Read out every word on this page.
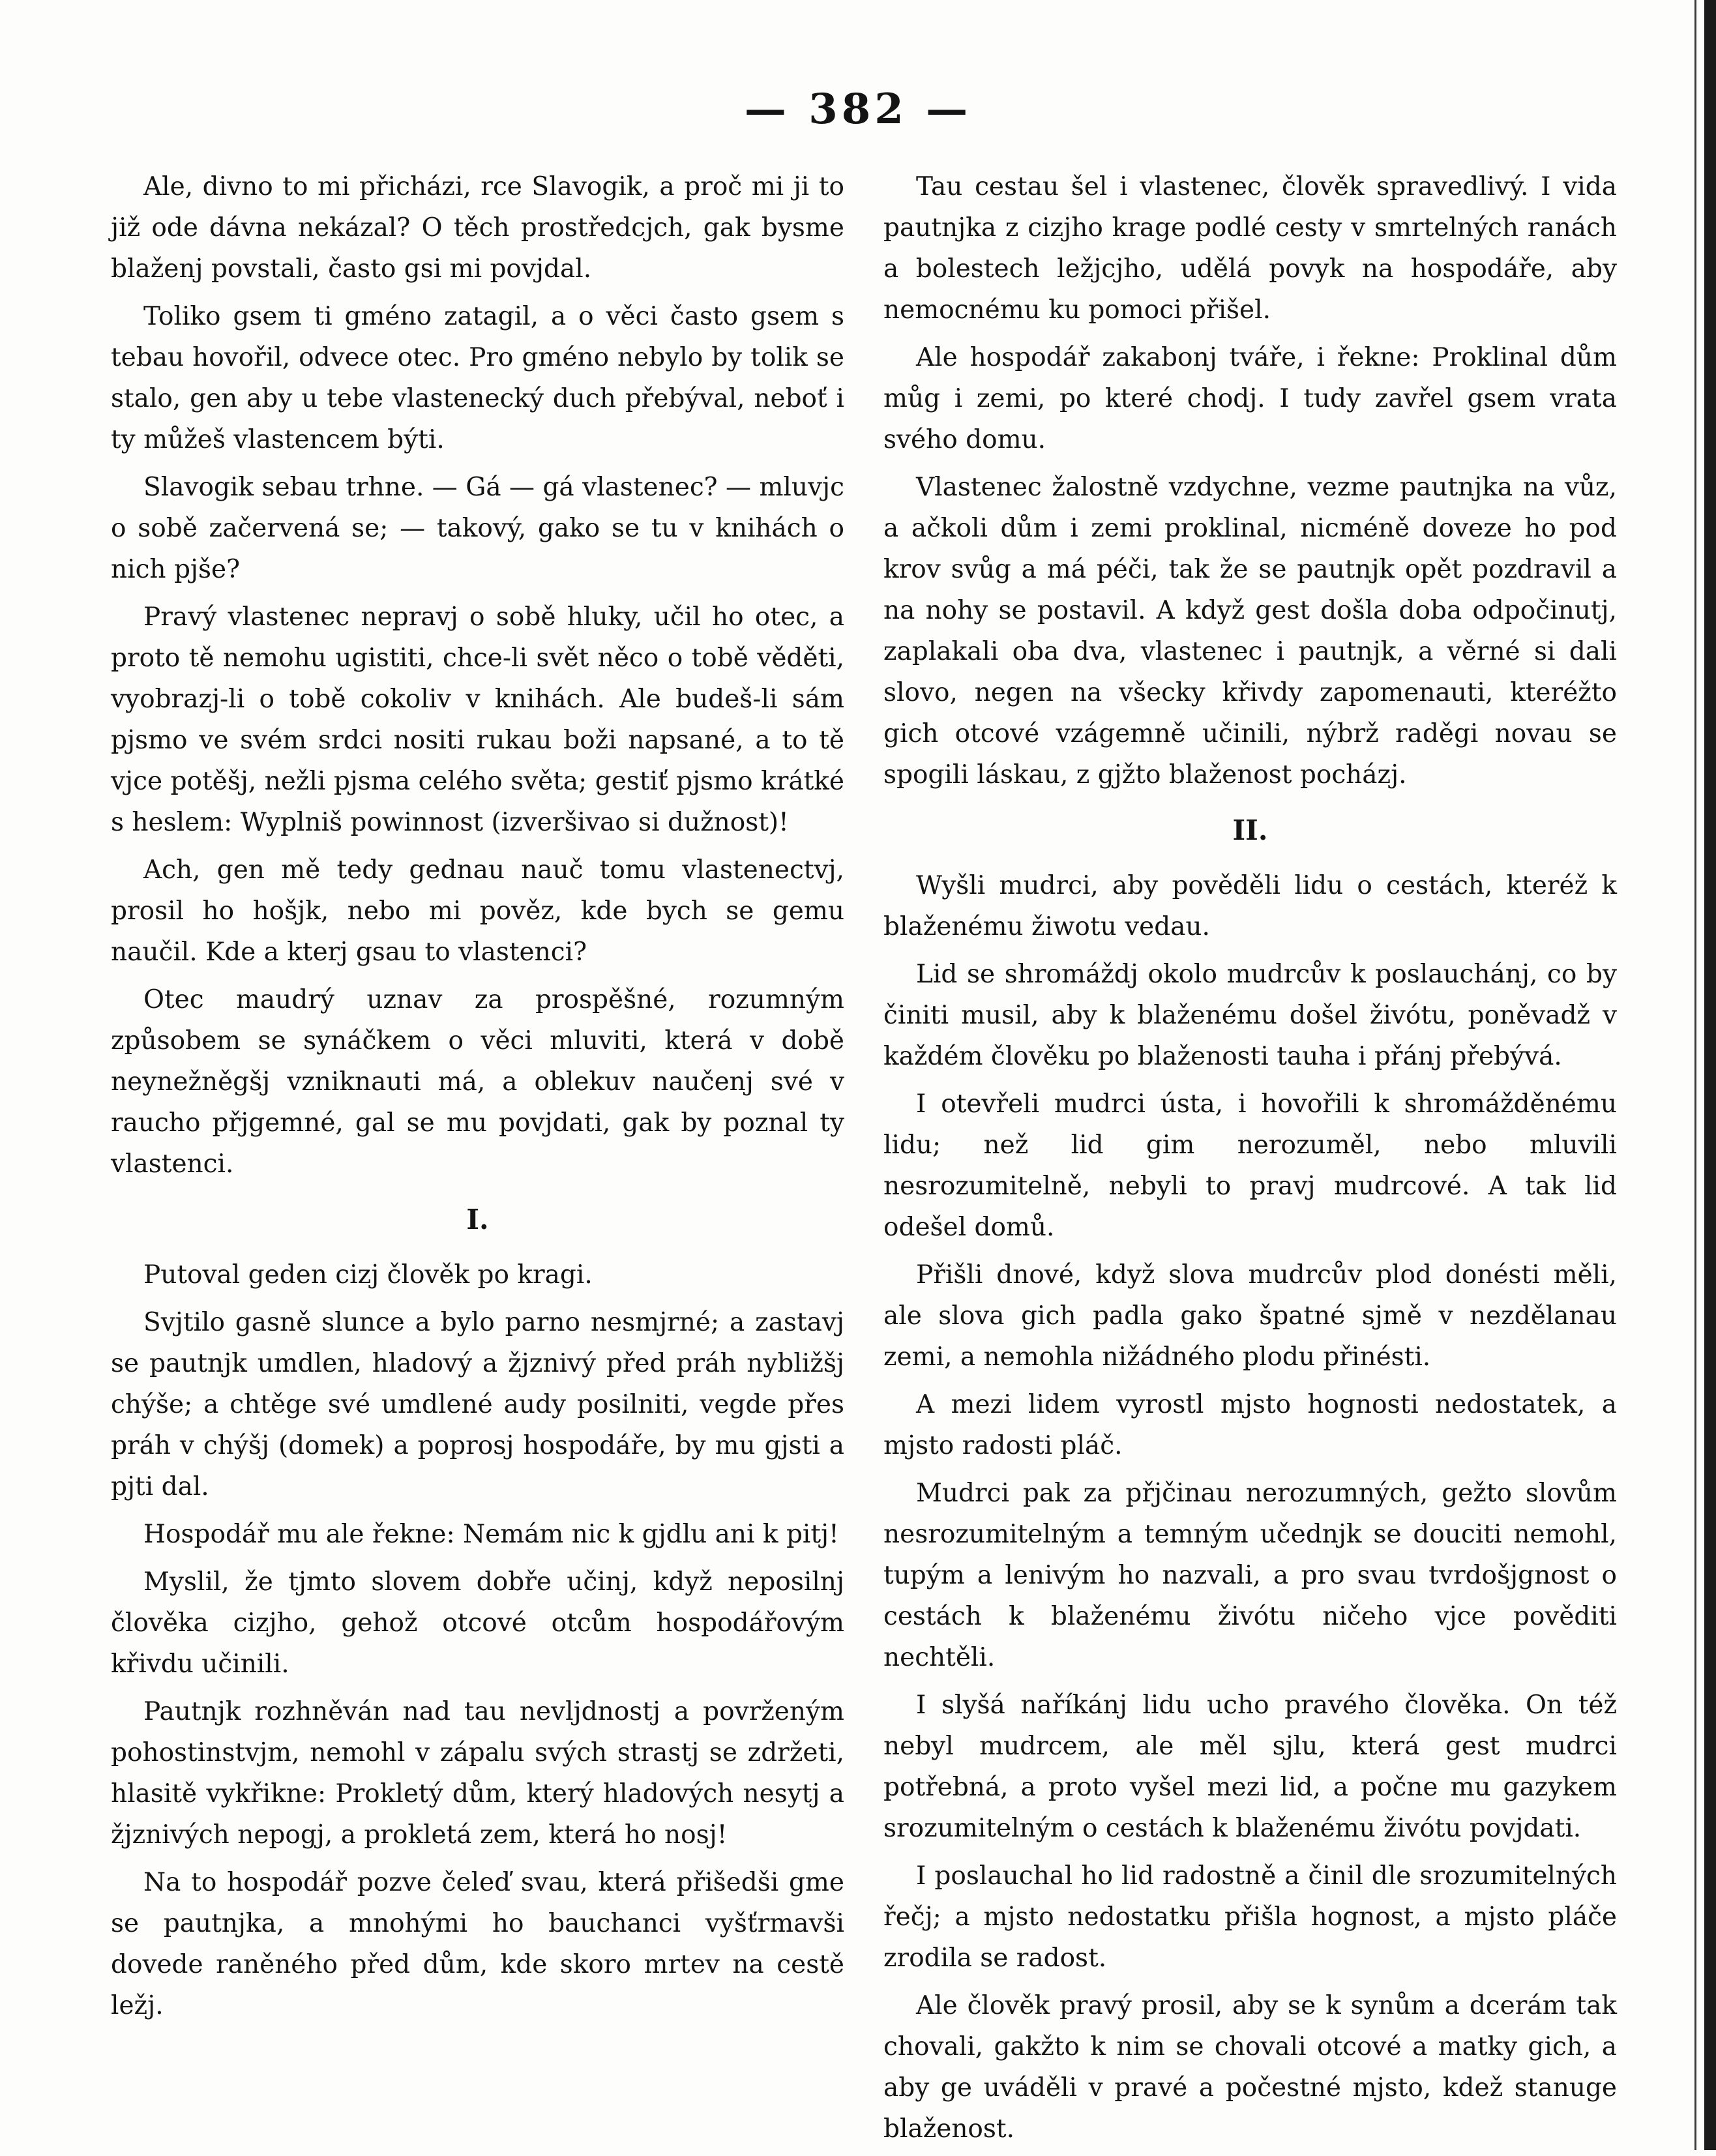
— 382 —

Ale, divno to mi přicházi, rce Slavogik, a proč mi ji to již ode dávna nekázal? O těch prostředcjch, gak bysme blaženj povstali, často gsi mi povjdal.

Toliko gsem ti gméno zatagil, a o věci často gsem s tebau hovořil, odvece otec. Pro gméno nebylo by tolik se stalo, gen aby u tebe vlastenecký duch přebýval, neboť i ty můžeš vlastencem býti.

Slavogik sebau trhne. — Gá — gá vlastenec? — mluvjc o sobě začervená se; — takový, gako se tu v knihách o nich pjše?

Pravý vlastenec nepravj o sobě hluky, učil ho otec, a proto tě nemohu ugistiti, chce-li svět něco o tobě věděti, vyobrazj-li o tobě cokoliv v knihách. Ale budeš-li sám pjsmo ve svém srdci nositi rukau boži napsané, a to tě vjce potěšj, nežli pjsma celého světa; gestiť pjsmo krátké s heslem: Wyplniš powinnost (izveršivao si dužnost)!

Ach, gen mě tedy gednau nauč tomu vlastenectvj, prosil ho hošjk, nebo mi pověz, kde bych se gemu naučil. Kde a kterj gsau to vlastenci?

Otec maudrý uznav za prospěšné, rozumným způsobem se synáčkem o věci mluviti, která v době neynežněgšj vzniknauti má, a oblekuv naučenj své v raucho přjgemné, gal se mu povjdati, gak by poznal ty vlastenci.

I.

Putoval geden cizj člověk po kragi.

Svjtilo gasně slunce a bylo parno nesmjrné; a zastavj se pautnjk umdlen, hladový a žjznivý před práh nybližšj chýše; a chtěge své umdlené audy posilniti, vegde přes práh v chýšj (domek) a poprosj hospodáře, by mu gjsti a pjti dal.

Hospodář mu ale řekne: Nemám nic k gjdlu ani k pitj!

Myslil, že tjmto slovem dobře učinj, když neposilnj člověka cizjho, gehož otcové otcům hospodářovým křivdu učinili.

Pautnjk rozhněván nad tau nevljdnostj a povrženým pohostinstvjm, nemohl v zápalu svých strastj se zdržeti, hlasitě vykřikne: Prokletý dům, který hladových nesytj a žjznivých nepogj, a prokletá zem, která ho nosj!

Na to hospodář pozve čeleď svau, která přišedši gme se pautnjka, a mnohými ho bauchanci vyšťrmavši dovede raněného před dům, kde skoro mrtev na cestě ležj.

Tau cestau šel i vlastenec, člověk spravedlivý. I vida pautnjka z cizjho krage podlé cesty v smrtelných ranách a bolestech ležjcjho, udělá povyk na hospodáře, aby nemocnému ku pomoci přišel.

Ale hospodář zakabonj tváře, i řekne: Proklinal dům můg i zemi, po které chodj. I tudy zavřel gsem vrata svého domu.

Vlastenec žalostně vzdychne, vezme pautnjka na vůz, a ačkoli dům i zemi proklinal, nicméně doveze ho pod krov svůg a má péči, tak že se pautnjk opět pozdravil a na nohy se postavil. A když gest došla doba odpočinutj, zaplakali oba dva, vlastenec i pautnjk, a věrné si dali slovo, negen na všecky křivdy zapomenauti, kteréžto gich otcové vzágemně učinili, nýbrž raděgi novau se spogili láskau, z gjžto blaženost pocházj.

II.

Wyšli mudrci, aby pověděli lidu o cestách, kteréž k blaženému žiwotu vedau.

Lid se shromáždj okolo mudrcův k poslauchánj, co by činiti musil, aby k blaženému došel živótu, poněvadž v každém člověku po blaženosti tauha i přánj přebývá.

I otevřeli mudrci ústa, i hovořili k shromážděnému lidu; než lid gim nerozuměl, nebo mluvili nesrozumitelně, nebyli to pravj mudrcové. A tak lid odešel domů.

Přišli dnové, když slova mudrcův plod donésti měli, ale slova gich padla gako špatné sjmě v nezdělanau zemi, a nemohla nižádného plodu přinésti.

A mezi lidem vyrostl mjsto hognosti nedostatek, a mjsto radosti pláč.

Mudrci pak za přjčinau nerozumných, gežto slovům nesrozumitelným a temným učednjk se douciti nemohl, tupým a lenivým ho nazvali, a pro svau tvrdošjgnost o cestách k blaženému živótu ničeho vjce pověditi nechtěli.

I slyšá naříkánj lidu ucho pravého člověka. On též nebyl mudrcem, ale měl sjlu, která gest mudrci potřebná, a proto vyšel mezi lid, a počne mu gazykem srozumitelným o cestách k blaženému živótu povjdati.

I poslauchal ho lid radostně a činil dle srozumitelných řečj; a mjsto nedostatku přišla hognost, a mjsto pláče zrodila se radost.

Ale člověk pravý prosil, aby se k synům a dcerám tak chovali, gakžto k nim se chovali otcové a matky gich, a aby ge uváděli v pravé a počestné mjsto, kdež stanuge blaženost.
